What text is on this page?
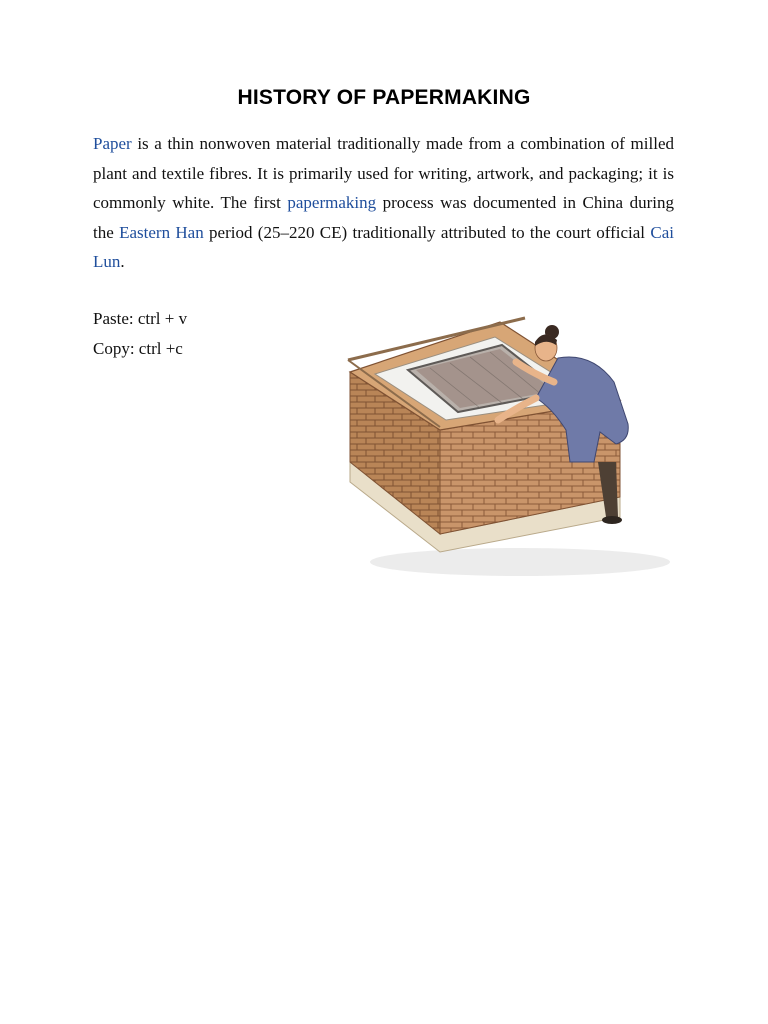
HISTORY OF PAPERMAKING

Paper is a thin nonwoven material traditionally made from a combination of milled plant and textile fibres. It is primarily used for writing, artwork, and packaging; it is commonly white. The first papermaking process was documented in China during the Eastern Han period (25–220 CE) traditionally attributed to the court official Cai Lun.

Paste: ctrl + v
Copy: ctrl +c
